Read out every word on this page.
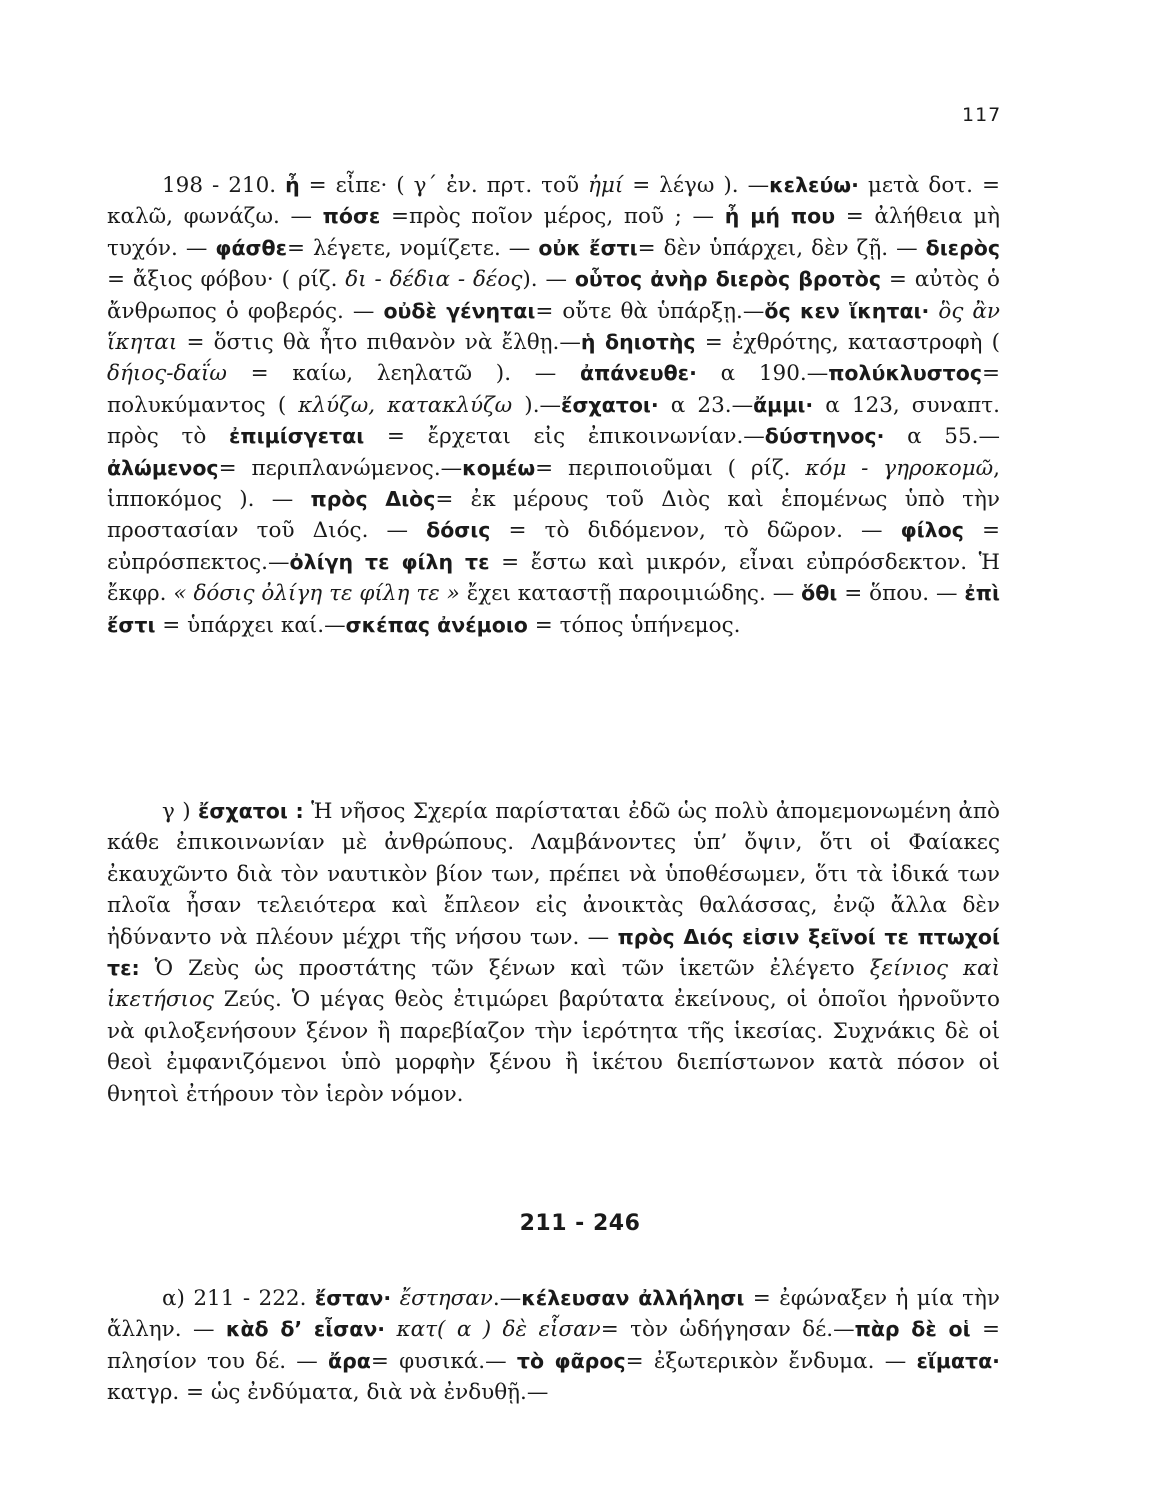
117

198 - 210. ἦ = εἶπε· ( γ΄ ἐν. πρτ. τοῦ ἠμί = λέγω ). —κελεύω· μετὰ δοτ. = καλῶ, φωνάζω. — πόσε =πρὸς ποῖον μέρος, ποῦ ; — ἦ μή που = ἀλήθεια μὴ τυχόν. — φάσθε= λέγετε, νομίζετε. — οὐκ ἔστι= δὲν ὑπάρχει, δὲν ζῇ. — διερὸς = ἄξιος φόβου· ( ρίζ. δι - δέδια - δέος). — οὗτος ἀνὴρ διερὸς βροτὸς = αὐτὸς ὁ ἄνθρωπος ὁ φοβερός. — οὐδὲ γένηται= οὔτε θὰ ὑπάρξῃ.—ὅς κεν ἵκηται· ὃς ἂν ἵκηται = ὅστις θὰ ἦτο πιθανὸν νὰ ἔλθῃ.—ἡ δηιοτὴς = ἐχθρότης, καταστροφὴ ( δήιος-δαΐω = καίω, λεηλατῶ ). — ἀπάνευθε· α 190.—πολύκλυστος= πολυκύμαντος ( κλύζω, κατακλύζω ).—ἔσχατοι· α 23.—ἄμμι· α 123, συναπτ. πρὸς τὸ ἐπιμίσγεται = ἔρχεται εἰς ἐπικοινωνίαν.—δύστηνος· α 55.— ἀλώμενος= περιπλανώμενος.—κομέω= περιποιοῦμαι ( ρίζ. κόμ - γηροκομῶ, ἱπποκόμος ). — πρὸς Διὸς= ἐκ μέρους τοῦ Διὸς καὶ ἑπομένως ὑπὸ τὴν προστασίαν τοῦ Διός. — δόσις = τὸ διδόμενον, τὸ δῶρον. — φίλος = εὐπρόσπεκτος.—ὀλίγη τε φίλη τε = ἔστω καὶ μικρόν, εἶναι εὐπρόσδεκτον. Ἡ ἔκφρ. « δόσις ὀλίγη τε φίλη τε » ἔχει καταστῇ παροιμιώδης. — ὅθι = ὅπου. — ἐπὶ ἔστι = ὑπάρχει καί.—σκέπας ἀνέμοιο = τόπος ὑπήνεμος.

γ ) ἔσχατοι : Ἡ νῆσος Σχερία παρίσταται ἐδῶ ὡς πολὺ ἀπομεμονωμένη ἀπὸ κάθε ἐπικοινωνίαν μὲ ἀνθρώπους. Λαμβάνοντες ὑπ’ ὄψιν, ὅτι οἱ Φαίακες ἐκαυχῶντο διὰ τὸν ναυτικὸν βίον των, πρέπει νὰ ὑποθέσωμεν, ὅτι τὰ ἰδικά των πλοῖα ἦσαν τελειότερα καὶ ἔπλεον εἰς ἀνοικτὰς θαλάσσας, ἐνῷ ἄλλα δὲν ἠδύναντο νὰ πλέουν μέχρι τῆς νήσου των. — πρὸς Διός εἰσιν ξεῖνοί τε πτωχοί τε: Ὁ Ζεὺς ὡς προστάτης τῶν ξένων καὶ τῶν ἱκετῶν ἐλέγετο ξείνιος καὶ ἱκετήσιος Ζεύς. Ὁ μέγας θεὸς ἐτιμώρει βαρύτατα ἐκείνους, οἱ ὁποῖοι ἠρνοῦντο νὰ φιλοξενήσουν ξένον ἢ παρεβίαζον τὴν ἱερότητα τῆς ἱκεσίας. Συχνάκις δὲ οἱ θεοὶ ἐμφανιζόμενοι ὑπὸ μορφὴν ξένου ἢ ἱκέτου διεπίστωνον κατὰ πόσον οἱ θνητοὶ ἐτήρουν τὸν ἱερὸν νόμον.

211 - 246

α) 211 - 222. ἔσταν· ἔστησαν.—κέλευσαν ἀλλήλησι = ἐφώναξεν ἡ μία τὴν ἄλλην. — κὰδ δ’ εἷσαν· κατ( α ) δὲ εἷσαν= τὸν ὡδήγησαν δέ.—πὰρ δὲ οἱ = πλησίον του δέ. — ἄρα= φυσικά.— τὸ φᾶρος= ἐξωτερικὸν ἔνδυμα. — εἵματα· κατγρ. = ὡς ἐνδύματα, διὰ νὰ ἐνδυθῇ.—
